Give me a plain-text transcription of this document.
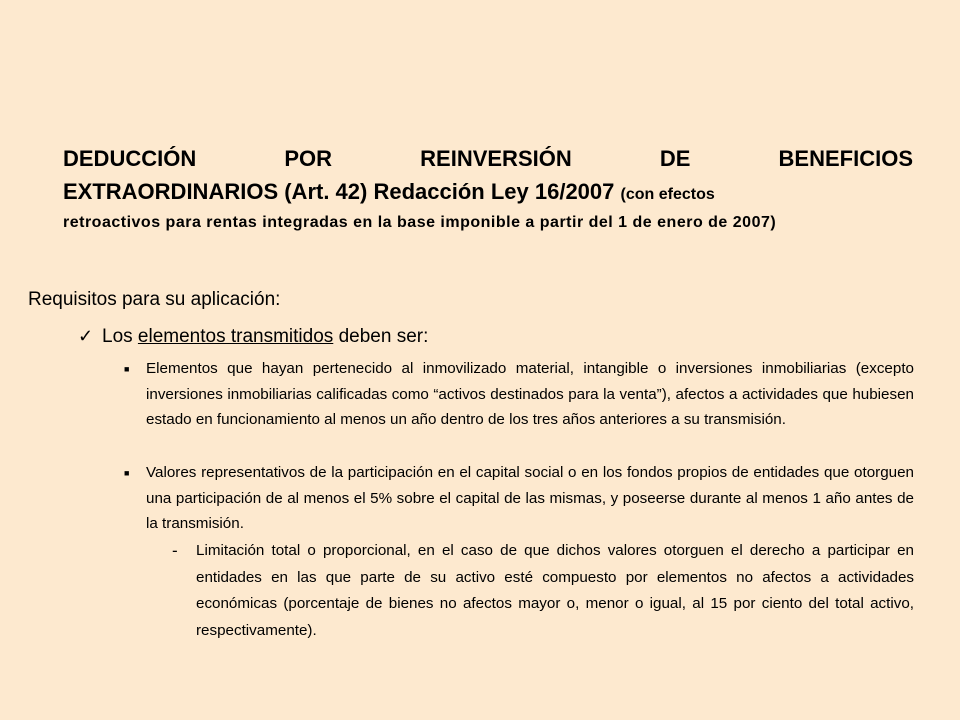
DEDUCCIÓN POR REINVERSIÓN DE BENEFICIOS
EXTRAORDINARIOS (Art. 42) Redacción Ley 16/2007 (con efectos
retroactivos para rentas integradas en la base imponible a partir del 1 de enero de 2007)
Requisitos para su aplicación:
✓ Los elementos transmitidos deben ser:
■	Elementos que hayan pertenecido al inmovilizado material, intangible o inversiones inmobiliarias (excepto inversiones inmobiliarias calificadas como “activos destinados para la venta”), afectos a actividades que hubiesen estado en funcionamiento al menos un año dentro de los tres años anteriores a su transmisión.
■	Valores representativos de la participación en el capital social o en los fondos propios de entidades que otorguen una participación de al menos el 5% sobre el capital de las mismas, y poseerse durante al menos 1 año antes de la transmisión.
-	Limitación total o proporcional, en el caso de que dichos valores otorguen el derecho a participar en entidades en las que parte de su activo esté compuesto por elementos no afectos a actividades económicas (porcentaje de bienes no afectos mayor o, menor o igual, al 15 por ciento del total activo, respectivamente).
